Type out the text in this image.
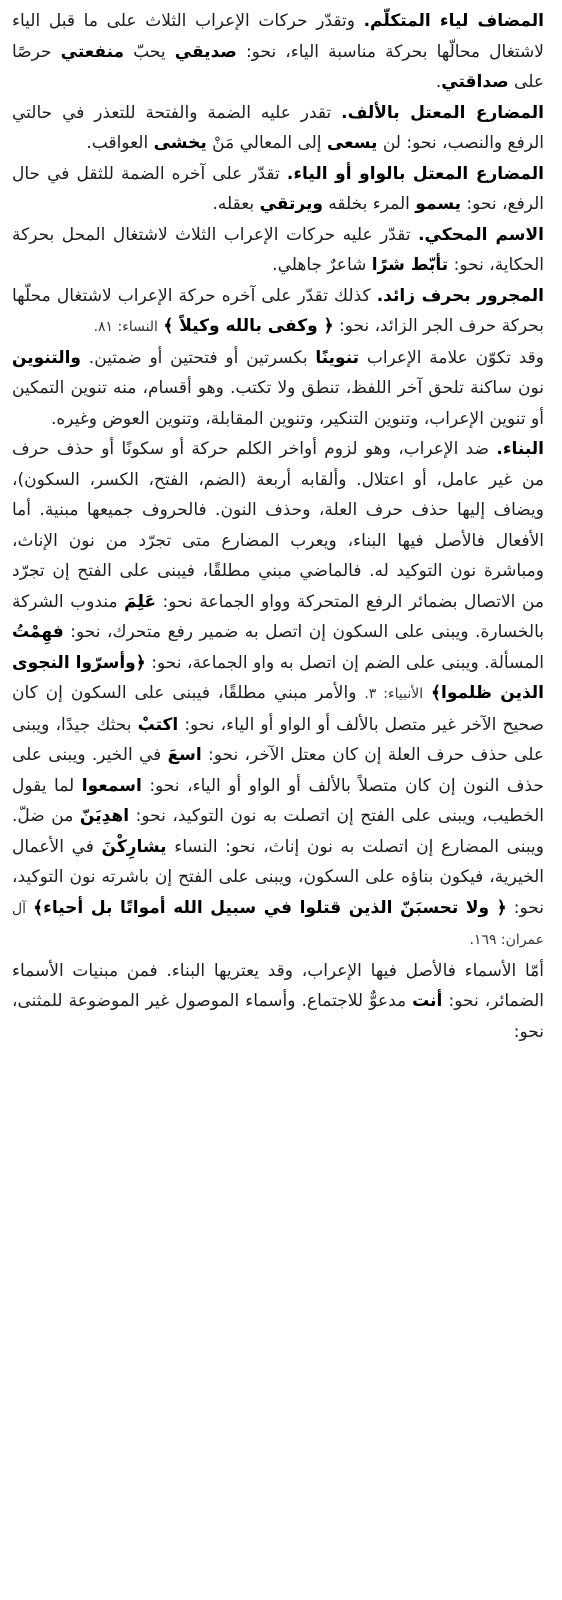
المضاف لياء المتكلّم. وتقدّر حركات الإعراب الثلاث على ما قبل الياء لاشتغال محالّها بحركة مناسبة الياء، نحو: صديقي يحبّ منفعتي حرصًا على صداقتي.

المضارع المعتل بالألف. تقدر عليه الضمة والفتحة للتعذر في حالتي الرفع والنصب، نحو: لن يسعى إلى المعالي مَنْ يخشى العواقب.

المضارع المعتل بالواو أو الياء. تقدّر على آخره الضمة للثقل في حال الرفع، نحو: يسمو المرء بخلقه ويرتقي بعقله.

الاسم المحكي. تقدّر عليه حركات الإعراب الثلاث لاشتغال المحل بحركة الحكاية، نحو: تأبّط شرًا شاعرٌ جاهلي.

المجرور بحرف زائد. كذلك تقدّر على آخره حركة الإعراب لاشتغال محلّها بحركة حرف الجر الزائد، نحو: ﴿ وكفى بالله وكيلاً ﴾ النساء: ٨١.

وقد تكوّن علامة الإعراب تنوينًا بكسرتين أو فتحتين أو ضمتين. والتنوين نون ساكنة تلحق آخر اللفظ، تنطق ولا تكتب. وهو أقسام، منه تنوين التمكين أو تنوين الإعراب، وتنوين التنكير، وتنوين المقابلة، وتنوين العوض وغيره.

البناء. ضد الإعراب، وهو لزوم أواخر الكلم حركة أو سكونًا أو حذف حرف من غير عامل، أو اعتلال. وألقابه أربعة (الضم، الفتح، الكسر، السكون)، ويضاف إليها حذف حرف العلة، وحذف النون. فالحروف جميعها مبنية. أما الأفعال فالأصل فيها البناء، ويعرب المضارع متى تجرّد من نون الإناث، ومباشرة نون التوكيد له. فالماضي مبني مطلقًا، فيبنى على الفتح إن تجرّد من الاتصال بضمائر الرفع المتحركة وواو الجماعة نحو: عَلِمَ مندوب الشركة بالخسارة. ويبنى على السكون إن اتصل به ضمير رفع متحرك، نحو: فهِمْتُ المسألة. ويبنى على الضم إن اتصل به واو الجماعة، نحو: ﴿وأسرّوا النجوى الذين ظلموا﴾ الأنبياء: ٣. والأمر مبني مطلقًا، فيبنى على السكون إن كان صحيح الآخر غير متصل بالألف أو الواو أو الياء، نحو: اكتبْ بحثك جيدًا، ويبنى على حذف حرف العلة إن كان معتل الآخر، نحو: اسعَ في الخير. ويبنى على حذف النون إن كان متصلاً بالألف أو الواو أو الياء، نحو: اسمعوا لما يقول الخطيب، ويبنى على الفتح إن اتصلت به نون التوكيد، نحو: اهدِيَنّ من ضلّ. ويبنى المضارع إن اتصلت به نون إناث، نحو: النساء يشارِكْنَ في الأعمال الخيرية، فيكون بناؤه على السكون، ويبنى على الفتح إن باشرته نون التوكيد، نحو: ﴿ ولا تحسبَنّ الذين قتلوا في سبيل الله أمواتًا بل أحياء﴾ آل عمران: ١٦٩.

أمّا الأسماء فالأصل فيها الإعراب، وقد يعتريها البناء. فمن مبنيات الأسماء الضمائر، نحو: أنت مدعوٌّ للاجتماع. وأسماء الموصول غير الموضوعة للمثنى، نحو:
